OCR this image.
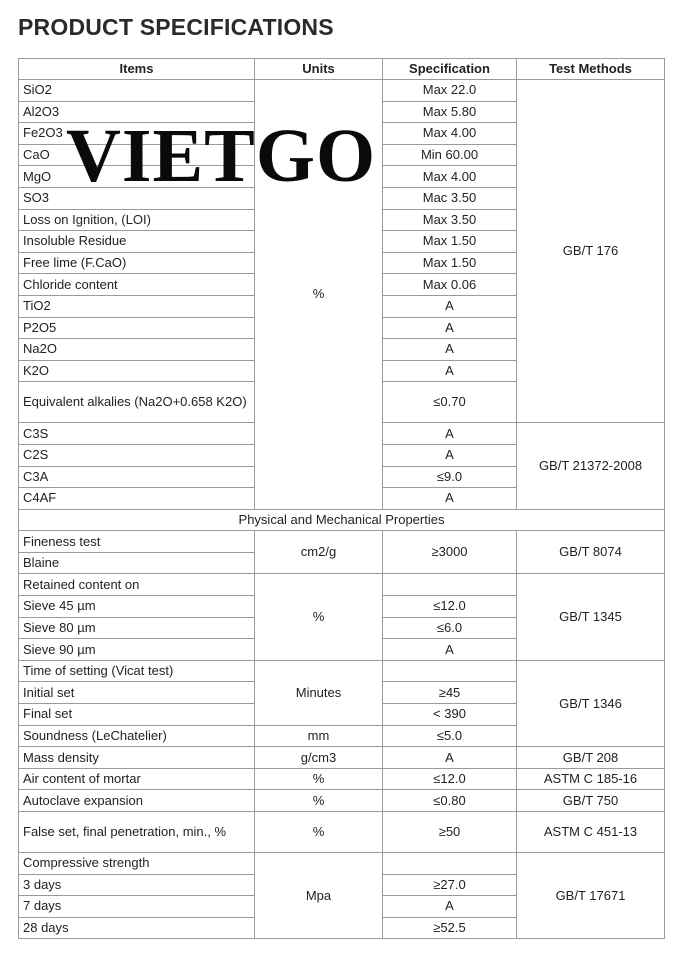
PRODUCT SPECIFICATIONS
Items	Units	Specification	Test Methods
SiO2	%	Max 22.0	GB/T 176
Al2O3		Max 5.80	
Fe2O3		Max 4.00	
CaO		Min 60.00	
MgO		Max 4.00	
SO3		Mac 3.50	
Loss on Ignition, (LOI)		Max 3.50	
Insoluble Residue		Max 1.50	
Free lime (F.CaO)		Max 1.50	
Chloride content		Max 0.06	
TiO2		A	
P2O5		A	
Na2O		A	
K2O		A	
Equivalent alkalies (Na2O+0.658 K2O)		≤0.70	
C3S		A	GB/T 21372-2008
C2S		A	
C3A		≤9.0	
C4AF		A	
Physical and Mechanical Properties			
Fineness test	cm2/g	≥3000	GB/T 8074
Blaine			
Retained content on	%		GB/T 1345
Sieve 45 µm		≤12.0	
Sieve 80 µm		≤6.0	
Sieve 90 µm		A	
Time of setting (Vicat test)	Minutes		GB/T 1346
Initial set		≥45	
Final set		< 390	
Soundness (LeChatelier)	mm	≤5.0	
Mass density	g/cm3	A	GB/T 208
Air content of mortar	%	≤12.0	ASTM C 185-16
Autoclave expansion	%	≤0.80	GB/T 750
False set, final penetration, min., %	%	≥50	ASTM C 451-13
Compressive strength	Mpa		GB/T 17671
3 days		≥27.0	
7 days		A	
28 days		≥52.5	
VIETGO
